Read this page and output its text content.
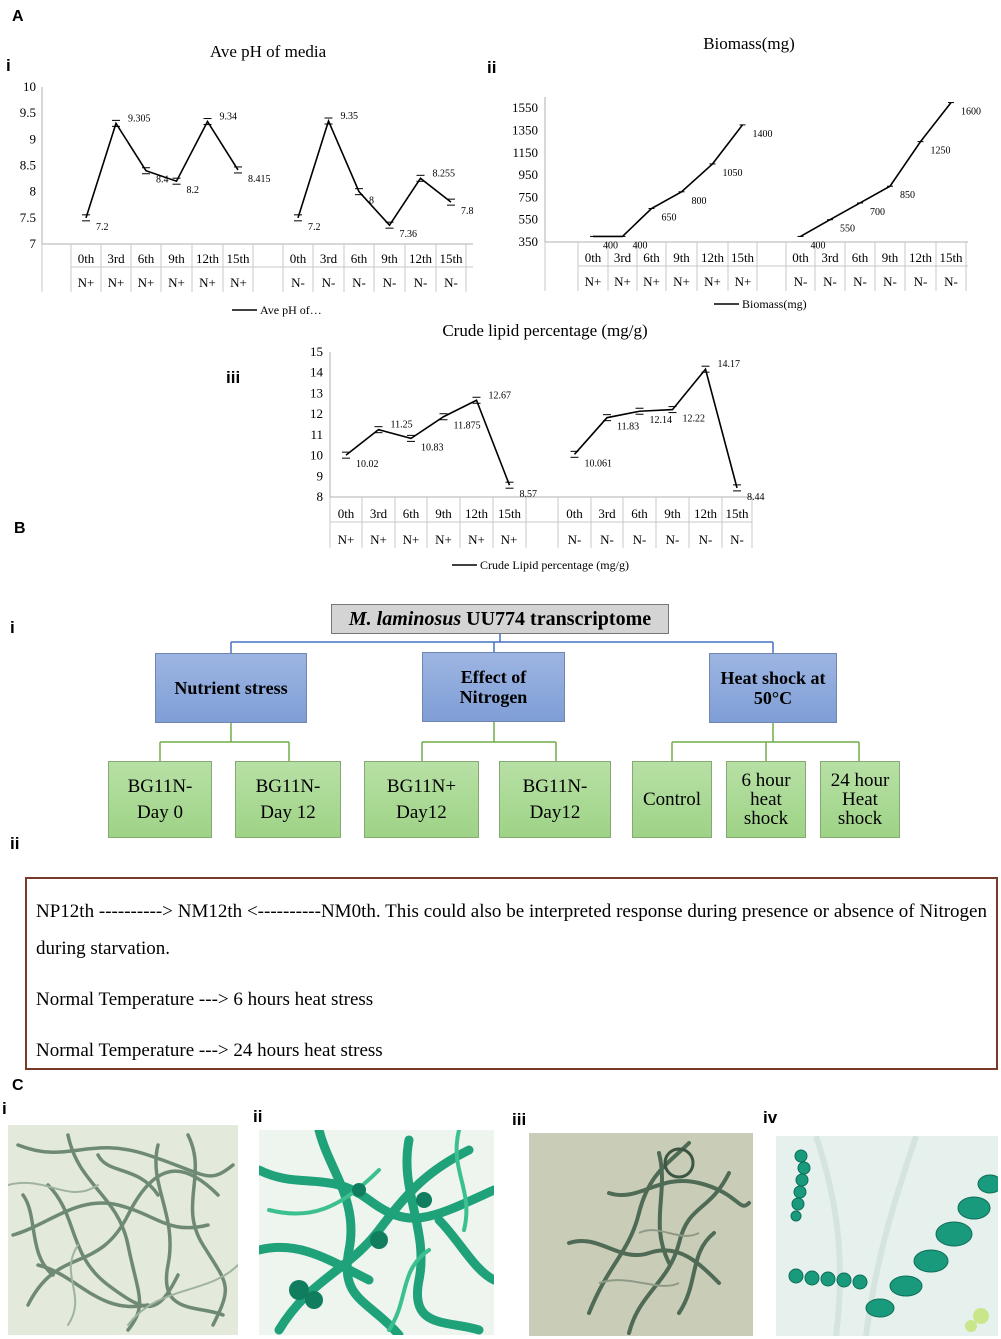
A
B
C
i	ii
iii
Ave pH of media
7
7.5
8
8.5
9
9.5
10
7.2
0th
N+
9.305
3rd
N+
8.4
6th
N+
8.2
9th
N+
9.34
12th
N+
8.415
15th
N+
7.2
0th
N-
9.35
3rd
N-
8
6th
N-
7.36
9th
N-
8.255
12th
N-
7.8
15th
N-
Ave pH of…
Biomass(mg)
350
550
750
950
1150
1350
1550
400
0th
N+
400
3rd
N+
650
6th
N+
800
9th
N+
1050
12th
N+
1400
15th
N+
400
0th
N-
550
3rd
N-
700
6th
N-
850
9th
N-
1250
12th
N-
1600
15th
N-
Biomass(mg)
Crude lipid percentage (mg/g)
8
9
10
11
12
13
14
15
10.02
0th
N+
11.25
3rd
N+
10.83
6th
N+
11.875
9th
N+
12.67
12th
N+
8.57
15th
N+
10.061
0th
N-
11.83
3rd
N-
12.14
6th
N-
12.22
9th
N-
14.17
12th
N-
8.44
15th
N-
Crude Lipid percentage (mg/g)
i
ii
M. laminosus UU774 transcriptome
Nutrient stress
Effect of
Nitrogen
Heat shock at
50°C
BG11N-
Day 0
BG11N-
Day 12
BG11N+
Day12
BG11N-
Day12
Control
6 hour
heat
shock
24 hour
Heat
shock

NP12th ----------> NM12th <----------NM0th. This could also be interpreted response during presence or absence of Nitrogen during starvation.

Normal Temperature ---> 6 hours heat stress

Normal Temperature ---> 24 hours heat stress

i	ii	iii	iv
